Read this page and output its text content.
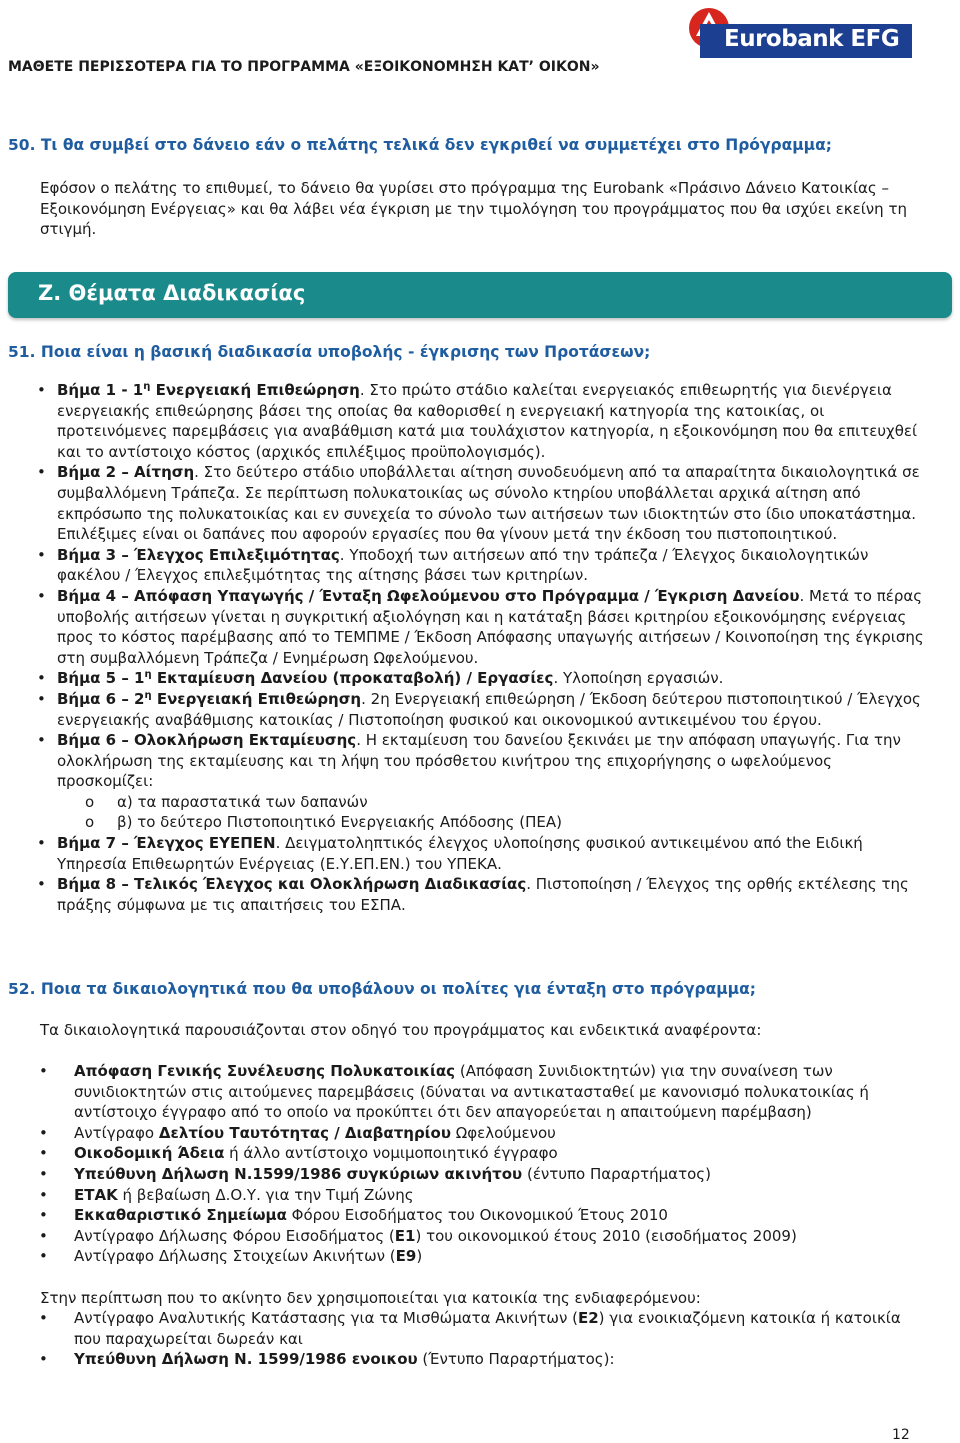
ΜΑΘΕΤΕ ΠΕΡΙΣΣΟΤΕΡΑ ΓΙΑ ΤΟ ΠΡΟΓΡΑΜΜΑ «ΕΞΟΙΚΟΝΟΜΗΣΗ ΚΑΤ’ ΟΙΚΟΝ»
Eurobank EFG
50. Τι θα συμβεί στο δάνειο εάν ο πελάτης τελικά δεν εγκριθεί να συμμετέχει στο Πρόγραμμα;

Εφόσον ο πελάτης το επιθυμεί, το δάνειο θα γυρίσει στο πρόγραμμα της Eurobank «Πράσινο Δάνειο Κατοικίας – Εξοικονόμηση Ενέργειας» και θα λάβει νέα έγκριση με την τιμολόγηση του προγράμματος που θα ισχύει εκείνη τη στιγμή.

Ζ. Θέματα Διαδικασίας
51. Ποια είναι η βασική διαδικασία υποβολής - έγκρισης των Προτάσεων;
• Βήμα $1 - 1^\eta$ Ενεργειακή Επιθεώρηση. Στο πρώτο στάδιο καλείται ενεργειακός επιθεωρητής για διενέργεια ενεργειακής επιθεώρησης βάσει της οποίας θα καθορισθεί η ενεργειακή κατηγορία της κατοικίας, οι προτεινόμενες παρεμβάσεις για αναβάθμιση κατά μια τουλάχιστον κατηγορία, η εξοικονόμηση που θα επιτευχθεί και το αντίστοιχο κόστος (αρχικός επιλέξιμος προϋπολογισμός).
• Βήμα 2 – Αίτηση. Στο δεύτερο στάδιο υποβάλλεται αίτηση συνοδευόμενη από τα απαραίτητα δικαιολογητικά σε συμβαλλόμενη Τράπεζα. Σε περίπτωση πολυκατοικίας ως σύνολο κτηρίου υποβάλλεται αρχικά αίτηση από εκπρόσωπο της πολυκατοικίας και εν συνεχεία το σύνολο των αιτήσεων των ιδιοκτητών στο ίδιο υποκατάστημα. Επιλέξιμες είναι οι δαπάνες που αφορούν εργασίες που θα γίνουν μετά την έκδοση του πιστοποιητικού.
• Βήμα 3 – Έλεγχος Επιλεξιμότητας. Υποδοχή των αιτήσεων από την τράπεζα / Έλεγχος δικαιολογητικών φακέλου / Έλεγχος επιλεξιμότητας της αίτησης βάσει των κριτηρίων.
• Βήμα 4 – Απόφαση Υπαγωγής / Ένταξη Ωφελούμενου στο Πρόγραμμα / Έγκριση Δανείου. Μετά το πέρας υποβολής αιτήσεων γίνεται η συγκριτική αξιολόγηση και η κατάταξη βάσει κριτηρίου εξοικονόμησης ενέργειας προς το κόστος παρέμβασης από το ΤΕΜΠΜΕ / Έκδοση Απόφασης υπαγωγής αιτήσεων / Κοινοποίηση της έγκρισης στη συμβαλλόμενη Τράπεζα / Ενημέρωση Ωφελούμενου.
• Βήμα $5 - 1^\eta$ Εκταμίευση Δανείου (προκαταβολή) / Εργασίες. Υλοποίηση εργασιών.
• Βήμα $6 - 2^\eta$ Ενεργειακή Επιθεώρηση. 2η Ενεργειακή επιθεώρηση / Έκδοση δεύτερου πιστοποιητικού / Έλεγχος ενεργειακής αναβάθμισης κατοικίας / Πιστοποίηση φυσικού και οικονομικού αντικειμένου του έργου.
• Βήμα 6 – Ολοκλήρωση Εκταμίευσης. Η εκταμίευση του δανείου ξεκινάει με την απόφαση υπαγωγής. Για την ολοκλήρωση της εκταμίευσης και τη λήψη του πρόσθετου κινήτρου της επιχορήγησης ο ωφελούμενος προσκομίζει:
o α) τα παραστατικά των δαπανών
o β) το δεύτερο Πιστοποιητικό Ενεργειακής Απόδοσης (ΠΕΑ)
• Βήμα 7 – Έλεγχος ΕΥΕΠΕΝ. Δειγματοληπτικός έλεγχος υλοποίησης φυσικού αντικειμένου από the Ειδική Υπηρεσία Επιθεωρητών Ενέργειας (Ε.Υ.ΕΠ.ΕΝ.) του ΥΠΕΚΑ.
• Βήμα 8 – Τελικός Έλεγχος και Ολοκλήρωση Διαδικασίας. Πιστοποίηση / Έλεγχος της ορθής εκτέλεσης της πράξης σύμφωνα με τις απαιτήσεις του ΕΣΠΑ.
52. Ποια τα δικαιολογητικά που θα υποβάλουν οι πολίτες για ένταξη στο πρόγραμμα;

Τα δικαιολογητικά παρουσιάζονται στον οδηγό του προγράμματος και ενδεικτικά αναφέροντα:

• Απόφαση Γενικής Συνέλευσης Πολυκατοικίας (Απόφαση Συνιδιοκτητών) για την συναίνεση των συνιδιοκτητών στις αιτούμενες παρεμβάσεις (δύναται να αντικατασταθεί με κανονισμό πολυκατοικίας ή αντίστοιχο έγγραφο από το οποίο να προκύπτει ότι δεν απαγορεύεται η απαιτούμενη παρέμβαση)
• Αντίγραφο Δελτίου Ταυτότητας / Διαβατηρίου Ωφελούμενου
• Οικοδομική Άδεια ή άλλο αντίστοιχο νομιμοποιητικό έγγραφο
• Υπεύθυνη Δήλωση Ν.1599/1986 συγκύριων ακινήτου (έντυπο Παραρτήματος)
• ΕΤΑΚ ή βεβαίωση Δ.Ο.Υ. για την Τιμή Ζώνης
• Εκκαθαριστικό Σημείωμα Φόρου Εισοδήματος του Οικονομικού Έτους 2010
• Αντίγραφο Δήλωσης Φόρου Εισοδήματος (Ε1) του οικονομικού έτους 2010 (εισοδήματος 2009)
• Αντίγραφο Δήλωσης Στοιχείων Ακινήτων (Ε9)

Στην περίπτωση που το ακίνητο δεν χρησιμοποιείται για κατοικία της ενδιαφερόμενου:

• Αντίγραφο Αναλυτικής Κατάστασης για τα Μισθώματα Ακινήτων (Ε2) για ενοικιαζόμενη κατοικία ή κατοικία που παραχωρείται δωρεάν και
• Υπεύθυνη Δήλωση Ν. 1599/1986 ενοικου (Έντυπο Παραρτήματος):
12
